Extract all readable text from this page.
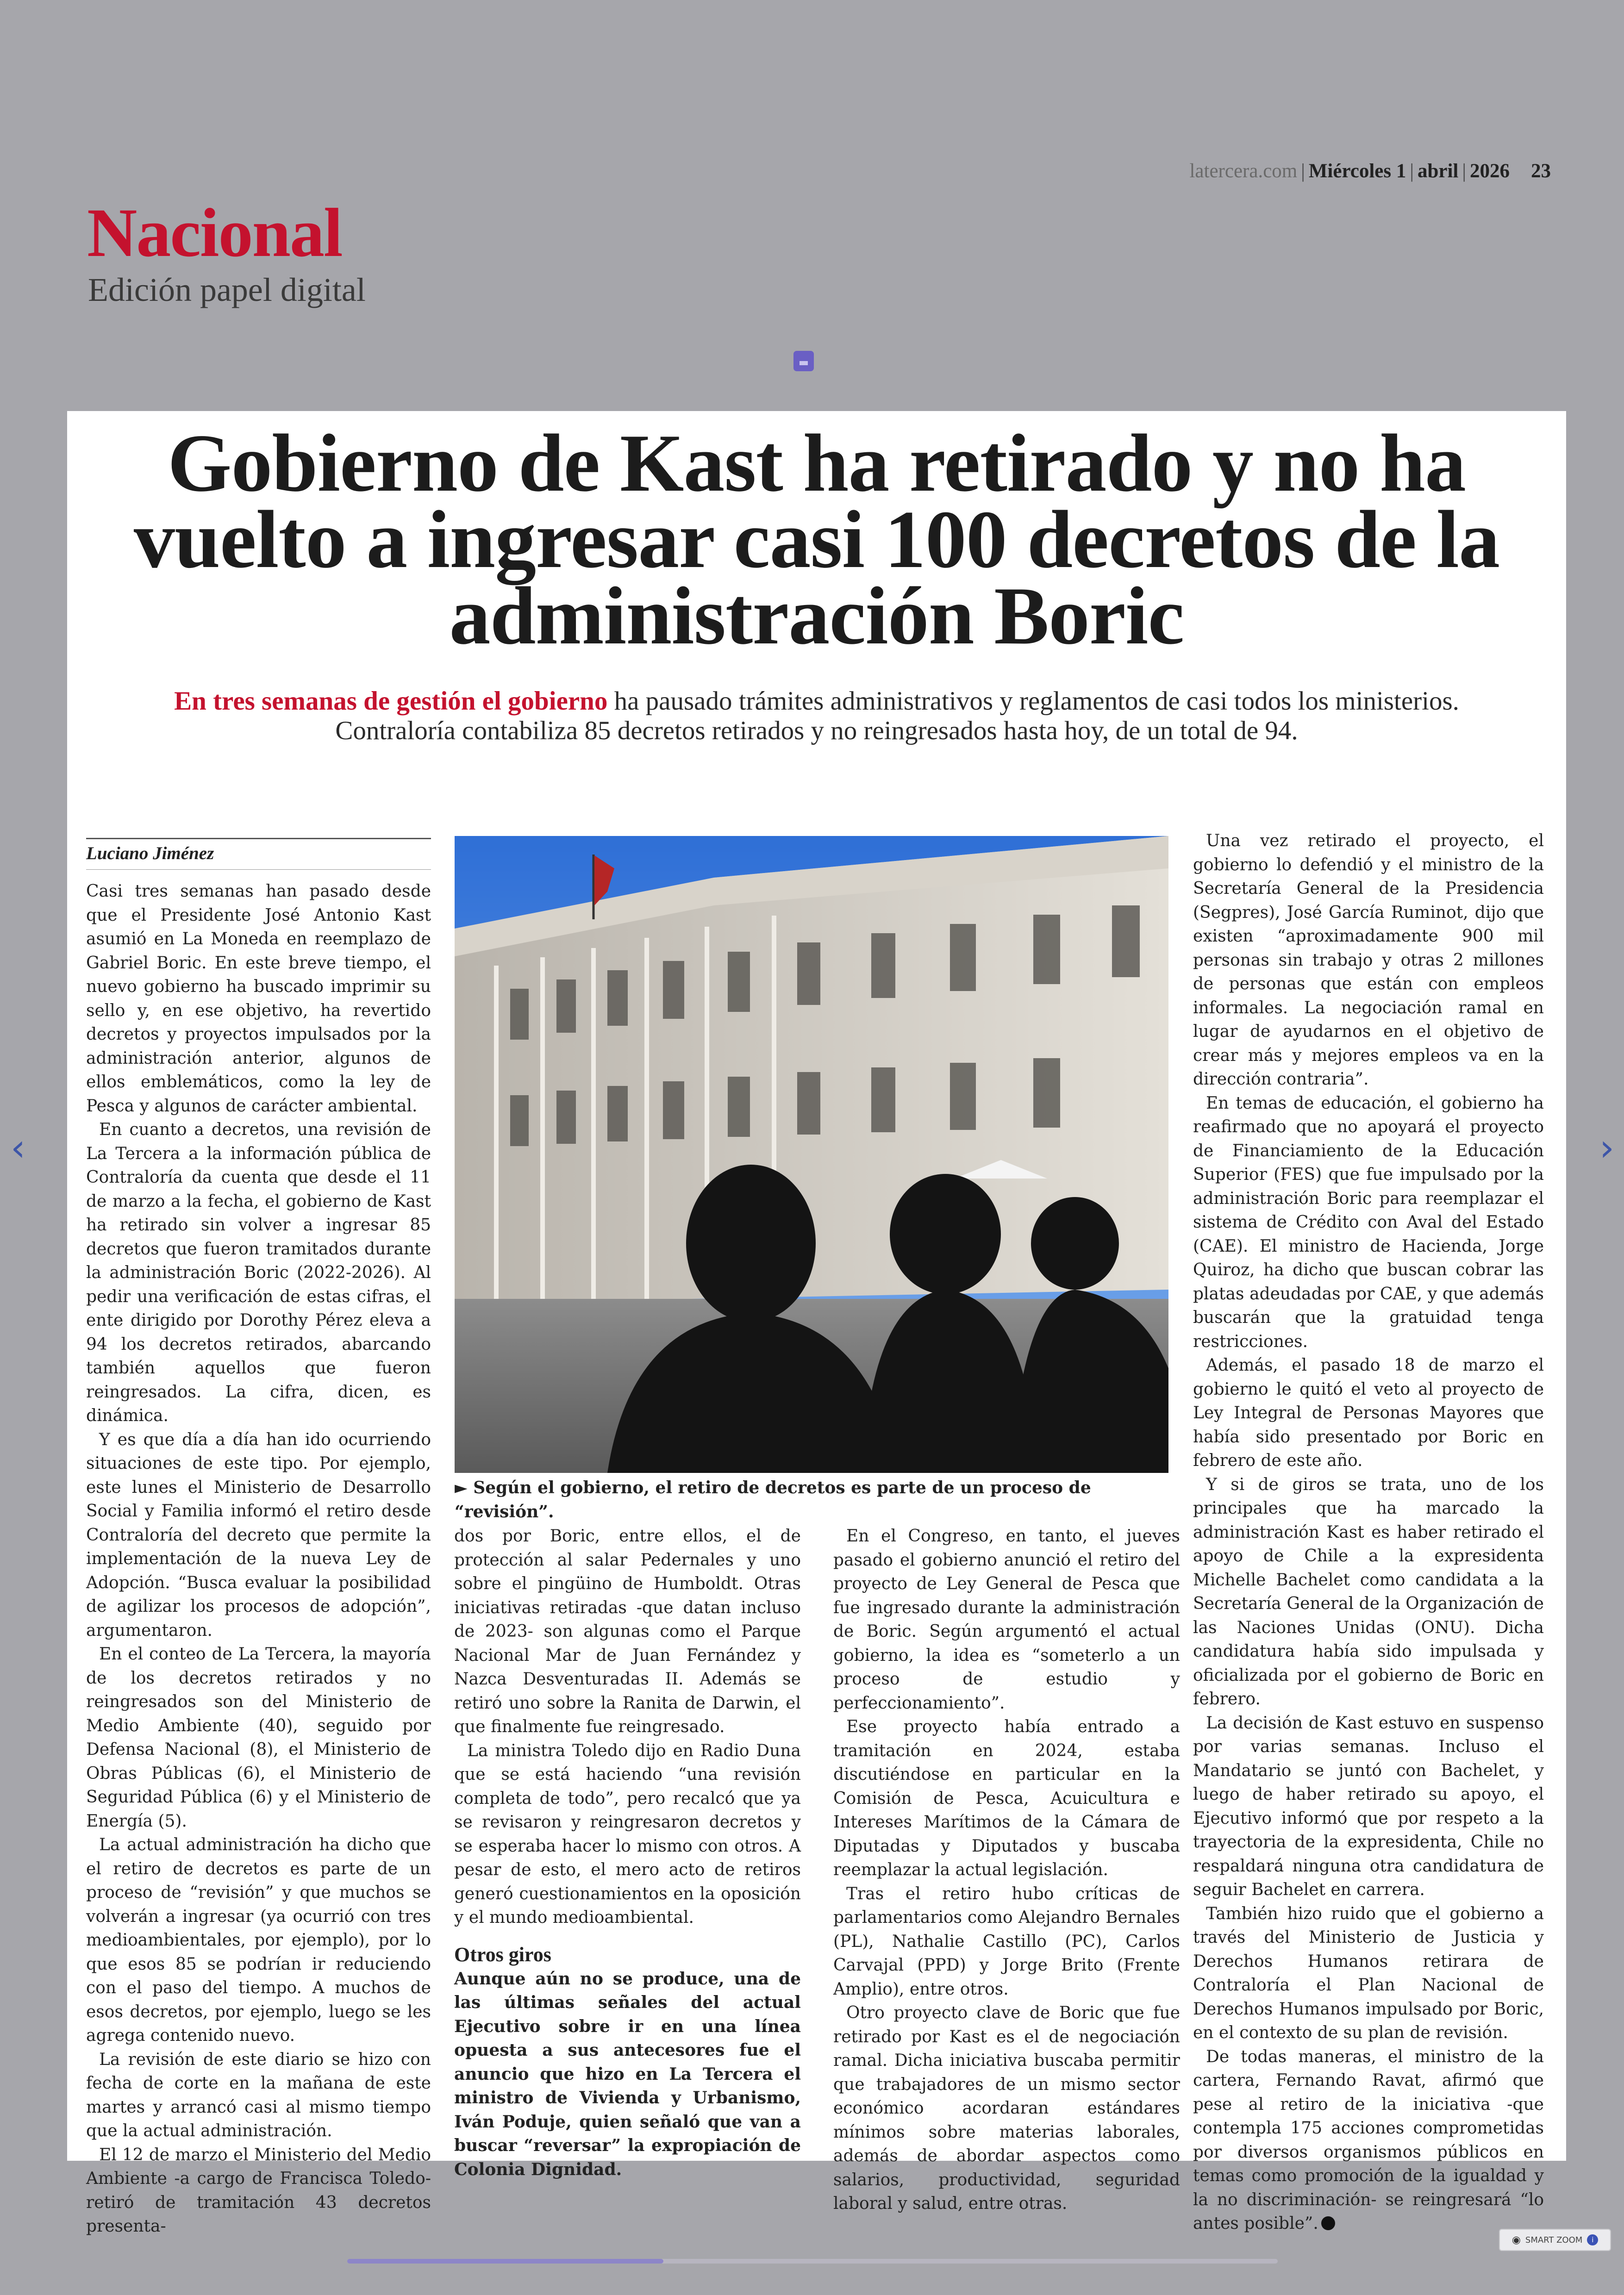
latercera.com | Miércoles 1 | abril | 2026 23
Nacional
Edición papel digital
‹	›
Gobierno de Kast ha retirado y no ha vuelto a ingresar casi 100 decretos de la administración Boric
En tres semanas de gestión el gobierno ha pausado trámites administrativos y reglamentos de casi todos los ministerios. Contraloría contabiliza 85 decretos retirados y no reingresados hasta hoy, de un total de 94.
Luciano Jiménez

Casi tres semanas han pasado desde que el Presidente José Antonio Kast asumió en La Moneda en reemplazo de Gabriel Boric. En este breve tiempo, el nuevo gobierno ha buscado imprimir su sello y, en ese objetivo, ha revertido decretos y proyectos impulsados por la administración anterior, algunos de ellos emblemáticos, como la ley de Pesca y algunos de carácter ambiental.

En cuanto a decretos, una revisión de La Tercera a la información pública de Contraloría da cuenta que desde el 11 de marzo a la fecha, el gobierno de Kast ha retirado sin volver a ingresar 85 decretos que fueron tramitados durante la administración Boric (2022-2026). Al pedir una verificación de estas cifras, el ente dirigido por Dorothy Pérez eleva a 94 los decretos retirados, abarcando también aquellos que fueron reingresados. La cifra, dicen, es dinámica.

Y es que día a día han ido ocurriendo situaciones de este tipo. Por ejemplo, este lunes el Ministerio de Desarrollo Social y Familia informó el retiro desde Contraloría del decreto que permite la implementación de la nueva Ley de Adopción. “Busca evaluar la posibilidad de agilizar los procesos de adopción”, argumentaron.

En el conteo de La Tercera, la mayoría de los decretos retirados y no reingresados son del Ministerio de Medio Ambiente (40), seguido por Defensa Nacional (8), el Ministerio de Obras Públicas (6), el Ministerio de Seguridad Pública (6) y el Ministerio de Energía (5).

La actual administración ha dicho que el retiro de decretos es parte de un proceso de “revisión” y que muchos se volverán a ingresar (ya ocurrió con tres medioambientales, por ejemplo), por lo que esos 85 se podrían ir reduciendo con el paso del tiempo. A muchos de esos decretos, por ejemplo, luego se les agrega contenido nuevo.

La revisión de este diario se hizo con fecha de corte en la mañana de este martes y arrancó casi al mismo tiempo que la actual administración.

El 12 de marzo el Ministerio del Medio Ambiente -a cargo de Francisca Toledo- retiró de tramitación 43 decretos presenta-

► Según el gobierno, el retiro de decretos es parte de un proceso de “revisión”.

dos por Boric, entre ellos, el de protección al salar Pedernales y uno sobre el pingüino de Humboldt. Otras iniciativas retiradas -que datan incluso de 2023- son algunas como el Parque Nacional Mar de Juan Fernández y Nazca Desventuradas II. Además se retiró uno sobre la Ranita de Darwin, el que finalmente fue reingresado.

La ministra Toledo dijo en Radio Duna que se está haciendo “una revisión completa de todo”, pero recalcó que ya se revisaron y reingresaron decretos y se esperaba hacer lo mismo con otros. A pesar de esto, el mero acto de retiros generó cuestionamientos en la oposición y el mundo medioambiental.

Otros giros

Aunque aún no se produce, una de las últimas señales del actual Ejecutivo sobre ir en una línea opuesta a sus antecesores fue el anuncio que hizo en La Tercera el ministro de Vivienda y Urbanismo, Iván Poduje, quien señaló que van a buscar “reversar” la expropiación de Colonia Dignidad.

En el Congreso, en tanto, el jueves pasado el gobierno anunció el retiro del proyecto de Ley General de Pesca que fue ingresado durante la administración de Boric. Según argumentó el actual gobierno, la idea es “someterlo a un proceso de estudio y perfeccionamiento”.

Ese proyecto había entrado a tramitación en 2024, estaba discutiéndose en particular en la Comisión de Pesca, Acuicultura e Intereses Marítimos de la Cámara de Diputadas y Diputados y buscaba reemplazar la actual legislación.

Tras el retiro hubo críticas de parlamentarios como Alejandro Bernales (PL), Nathalie Castillo (PC), Carlos Carvajal (PPD) y Jorge Brito (Frente Amplio), entre otros.

Otro proyecto clave de Boric que fue retirado por Kast es el de negociación ramal. Dicha iniciativa buscaba permitir que trabajadores de un mismo sector económico acordaran estándares mínimos sobre materias laborales, además de abordar aspectos como salarios, productividad, seguridad laboral y salud, entre otras.

Una vez retirado el proyecto, el gobierno lo defendió y el ministro de la Secretaría General de la Presidencia (Segpres), José García Ruminot, dijo que existen “aproximadamente 900 mil personas sin trabajo y otras 2 millones de personas que están con empleos informales. La negociación ramal en lugar de ayudarnos en el objetivo de crear más y mejores empleos va en la dirección contraria”.

En temas de educación, el gobierno ha reafirmado que no apoyará el proyecto de Financiamiento de la Educación Superior (FES) que fue impulsado por la administración Boric para reemplazar el sistema de Crédito con Aval del Estado (CAE). El ministro de Hacienda, Jorge Quiroz, ha dicho que buscan cobrar las platas adeudadas por CAE, y que además buscarán que la gratuidad tenga restricciones.

Además, el pasado 18 de marzo el gobierno le quitó el veto al proyecto de Ley Integral de Personas Mayores que había sido presentado por Boric en febrero de este año.

Y si de giros se trata, uno de los principales que ha marcado la administración Kast es haber retirado el apoyo de Chile a la expresidenta Michelle Bachelet como candidata a la Secretaría General de la Organización de las Naciones Unidas (ONU). Dicha candidatura había sido impulsada y oficializada por el gobierno de Boric en febrero.

La decisión de Kast estuvo en suspenso por varias semanas. Incluso el Mandatario se juntó con Bachelet, y luego de haber retirado su apoyo, el Ejecutivo informó que por respeto a la trayectoria de la expresidenta, Chile no respaldará ninguna otra candidatura de seguir Bachelet en carrera.

También hizo ruido que el gobierno a través del Ministerio de Justicia y Derechos Humanos retirara de Contraloría el Plan Nacional de Derechos Humanos impulsado por Boric, en el contexto de su plan de revisión.

De todas maneras, el ministro de la cartera, Fernando Ravat, afirmó que pese al retiro de la iniciativa -que contempla 175 acciones comprometidas por diversos organismos públicos en temas como promoción de la igualdad y la no discriminación- se reingresará “lo antes posible”.

◉ SMART ZOOM	i
